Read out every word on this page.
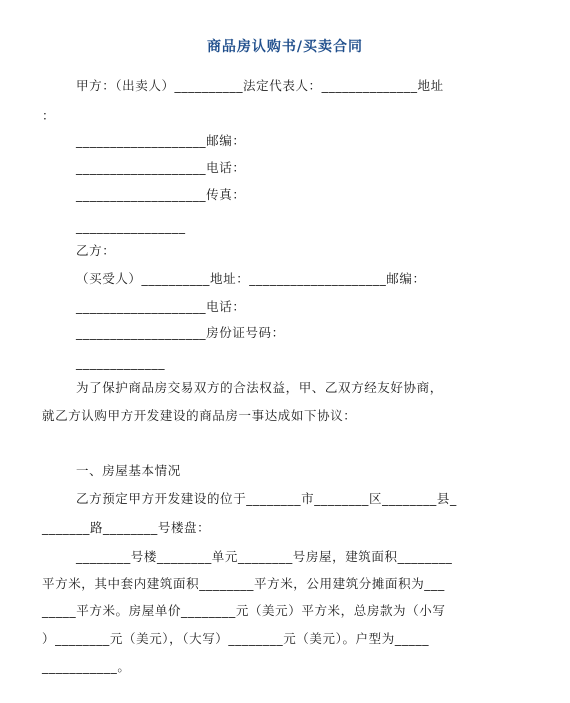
商品房认购书/买卖合同
甲方：（出卖人）__________法定代表人：______________地址
：
___________________邮编：
___________________电话：
___________________传真：
________________
乙方：
（买受人）__________地址：____________________邮编：
___________________电话：
___________________房份证号码：
_____________
为了保护商品房交易双方的合法权益，甲、乙双方经友好协商，
就乙方认购甲方开发建设的商品房一事达成如下协议：
一、房屋基本情况
乙方预定甲方开发建设的位于________市________区________县_
_______路________号楼盘：
________号楼________单元________号房屋，建筑面积________
平方米，其中套内建筑面积________平方米，公用建筑分摊面积为___
_____平方米。房屋单价________元（美元）平方米，总房款为（小写
）________元（美元），（大写）________元（美元）。户型为_____
___________。
